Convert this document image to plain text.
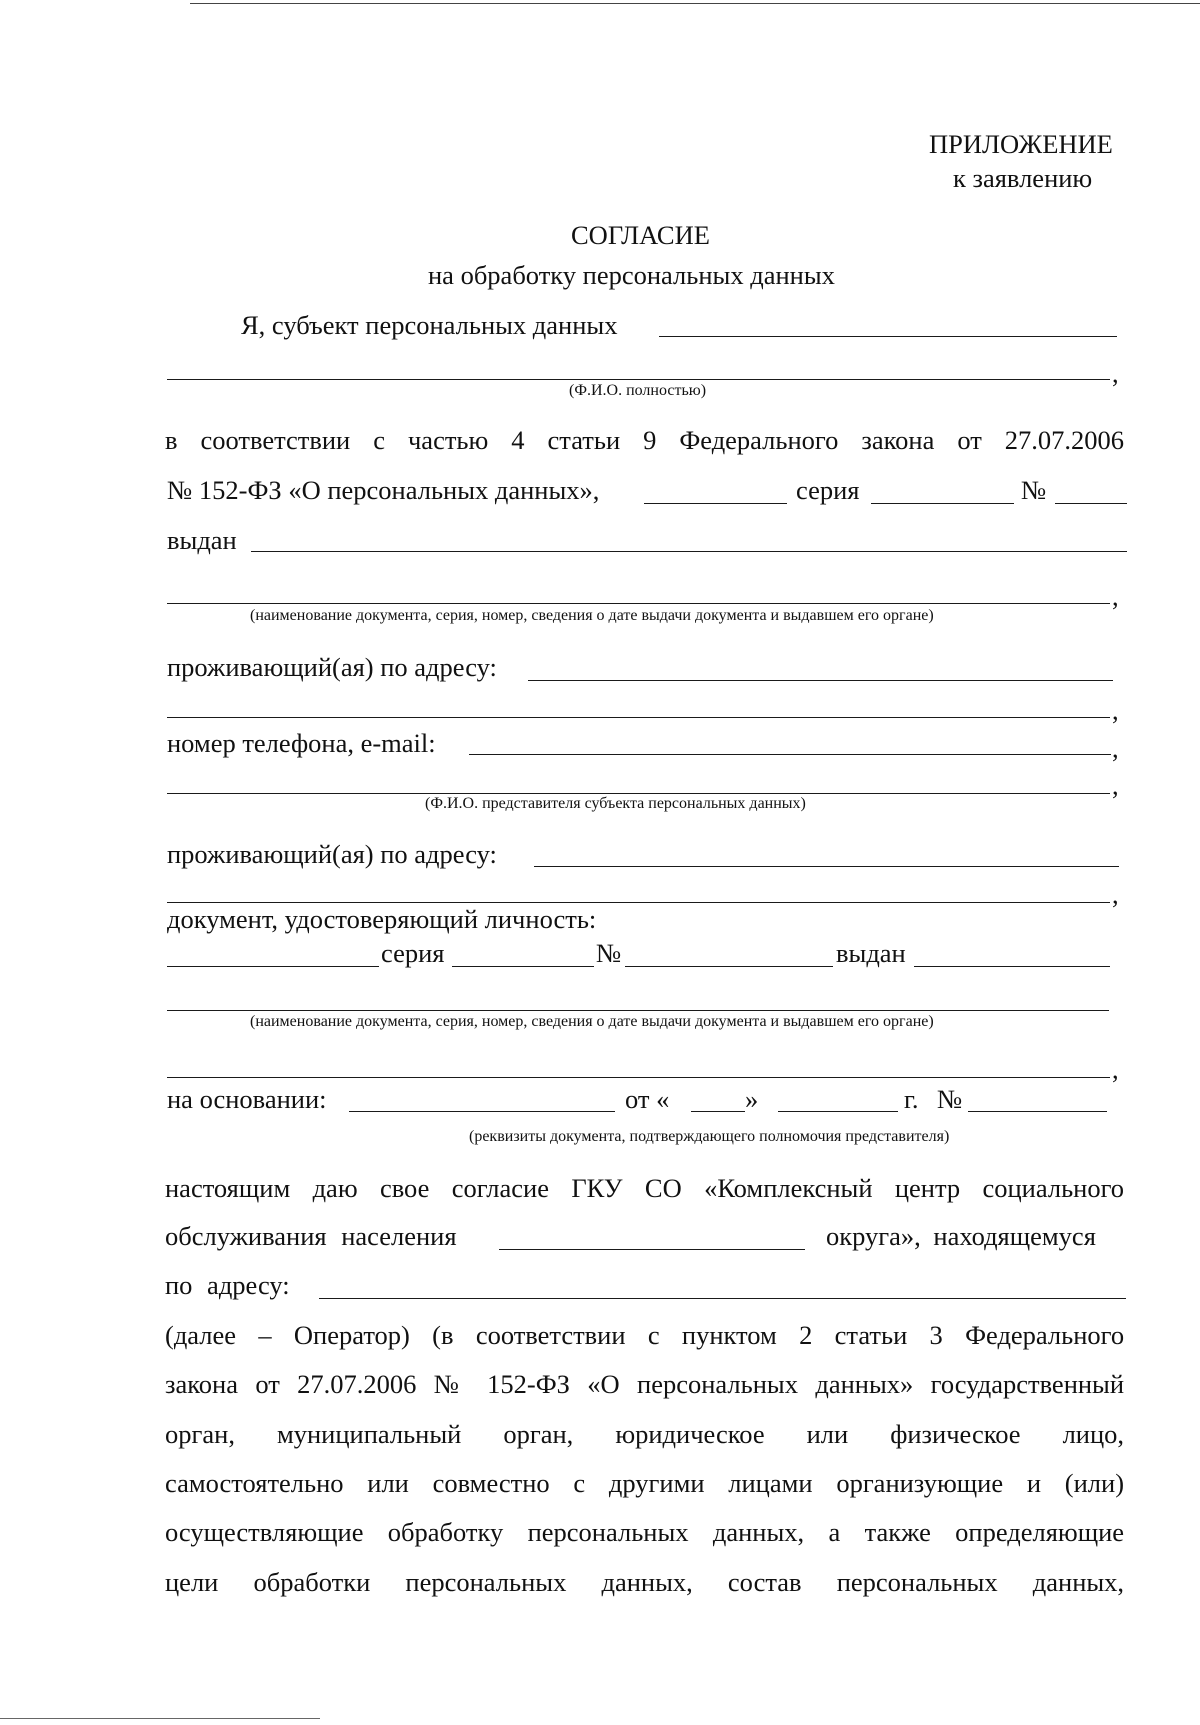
ПРИЛОЖЕНИЕ
к заявлению
СОГЛАСИЕ
на обработку персональных данных
Я, субъект персональных данных
,
(Ф.И.О. полностью)
в соответствии с частью 4 статьи 9 Федерального закона от 27.07.2006
№ 152-ФЗ «О персональных данных»,	серия	№
выдан
,
(наименование документа, серия, номер, сведения о дате выдачи документа и выдавшем его органе)
проживающий(ая) по адресу:
,
номер телефона, e-mail:	,
,
(Ф.И.О. представителя субъекта персональных данных)
проживающий(ая) по адресу:
,
документ, удостоверяющий личность:
серия	№	выдан
(наименование документа, серия, номер, сведения о дате выдачи документа и выдавшем его органе)
,
на основании:	от «	»	г. №
(реквизиты документа, подтверждающего полномочия представителя)
настоящим даю свое согласие ГКУ СО «Комплексный центр социального
обслуживания населения	округа», находящемуся
по адресу:
(далее – Оператор) (в соответствии с пунктом 2 статьи 3 Федерального
закона от 27.07.2006 № 152-ФЗ «О персональных данных» государственный
орган, муниципальный орган, юридическое или физическое лицо,
самостоятельно или совместно с другими лицами организующие и (или)
осуществляющие обработку персональных данных, а также определяющие
цели обработки персональных данных, состав персональных данных,
